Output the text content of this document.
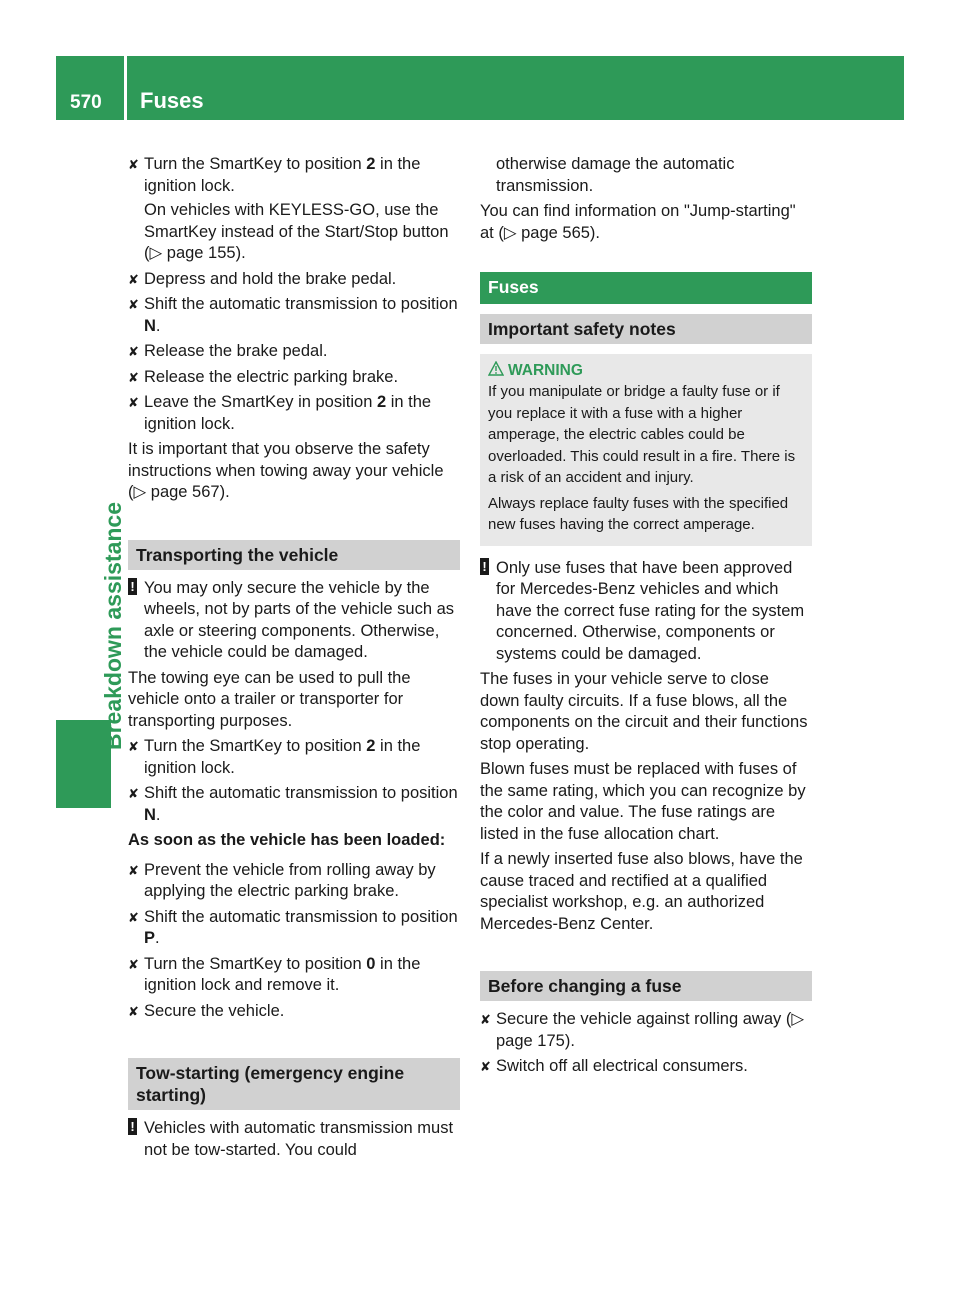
570 Fuses
Breakdown assistance
✘ Turn the SmartKey to position 2 in the ignition lock.
On vehicles with KEYLESS-GO, use the SmartKey instead of the Start/Stop button (▷ page 155).
✘ Depress and hold the brake pedal.
✘ Shift the automatic transmission to position N.
✘ Release the brake pedal.
✘ Release the electric parking brake.
✘ Leave the SmartKey in position 2 in the ignition lock.

It is important that you observe the safety instructions when towing away your vehicle (▷ page 567).

Transporting the vehicle
! You may only secure the vehicle by the wheels, not by parts of the vehicle such as axle or steering components. Otherwise, the vehicle could be damaged.

The towing eye can be used to pull the vehicle onto a trailer or transporter for transporting purposes.

✘ Turn the SmartKey to position 2 in the ignition lock.
✘ Shift the automatic transmission to position N.
As soon as the vehicle has been loaded:
✘ Prevent the vehicle from rolling away by applying the electric parking brake.
✘ Shift the automatic transmission to position P.
✘ Turn the SmartKey to position 0 in the ignition lock and remove it.
✘ Secure the vehicle.
Tow-starting (emergency engine starting)
! Vehicles with automatic transmission must not be tow-started. You could

otherwise damage the automatic transmission.

You can find information on "Jump-starting" at (▷ page 565).

Fuses
Important safety notes
WARNING

If you manipulate or bridge a faulty fuse or if you replace it with a fuse with a higher amperage, the electric cables could be overloaded. This could result in a fire. There is a risk of an accident and injury.

Always replace faulty fuses with the specified new fuses having the correct amperage.

! Only use fuses that have been approved for Mercedes-Benz vehicles and which have the correct fuse rating for the system concerned. Otherwise, components or systems could be damaged.

The fuses in your vehicle serve to close down faulty circuits. If a fuse blows, all the components on the circuit and their functions stop operating.

Blown fuses must be replaced with fuses of the same rating, which you can recognize by the color and value. The fuse ratings are listed in the fuse allocation chart.

If a newly inserted fuse also blows, have the cause traced and rectified at a qualified specialist workshop, e.g. an authorized Mercedes-Benz Center.

Before changing a fuse
✘ Secure the vehicle against rolling away (▷ page 175).
✘ Switch off all electrical consumers.
